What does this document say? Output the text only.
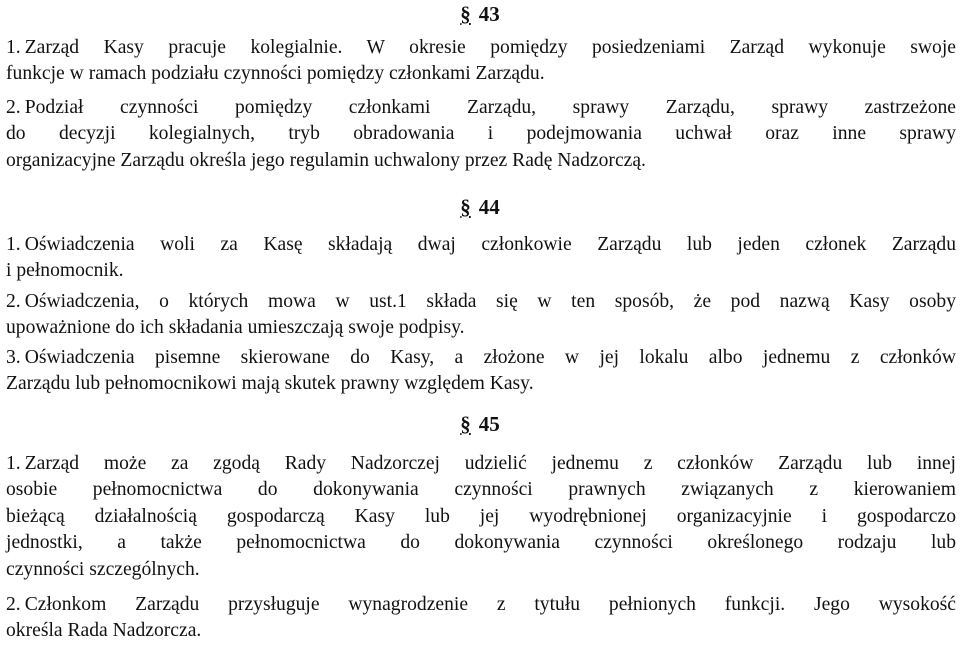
§ 43
1. Zarząd Kasy pracuje kolegialnie. W okresie pomiędzy posiedzeniami Zarząd wykonuje swoje
funkcje w ramach podziału czynności pomiędzy członkami Zarządu.
2. Podział czynności pomiędzy członkami Zarządu, sprawy Zarządu, sprawy zastrzeżone
do decyzji kolegialnych, tryb obradowania i podejmowania uchwał oraz inne sprawy
organizacyjne Zarządu określa jego regulamin uchwalony przez Radę Nadzorczą.
§ 44
1. Oświadczenia woli za Kasę składają dwaj członkowie Zarządu lub jeden członek Zarządu
i pełnomocnik.
2. Oświadczenia, o których mowa w ust.1 składa się w ten sposób, że pod nazwą Kasy osoby
upoważnione do ich składania umieszczają swoje podpisy.
3. Oświadczenia pisemne skierowane do Kasy, a złożone w jej lokalu albo jednemu z członków
Zarządu lub pełnomocnikowi mają skutek prawny względem Kasy.
§ 45
1. Zarząd może za zgodą Rady Nadzorczej udzielić jednemu z członków Zarządu lub innej
osobie pełnomocnictwa do dokonywania czynności prawnych związanych z kierowaniem
bieżącą działalnością gospodarczą Kasy lub jej wyodrębnionej organizacyjnie i gospodarczo
jednostki, a także pełnomocnictwa do dokonywania czynności określonego rodzaju lub
czynności szczególnych.
2. Członkom Zarządu przysługuje wynagrodzenie z tytułu pełnionych funkcji. Jego wysokość
określa Rada Nadzorcza.
